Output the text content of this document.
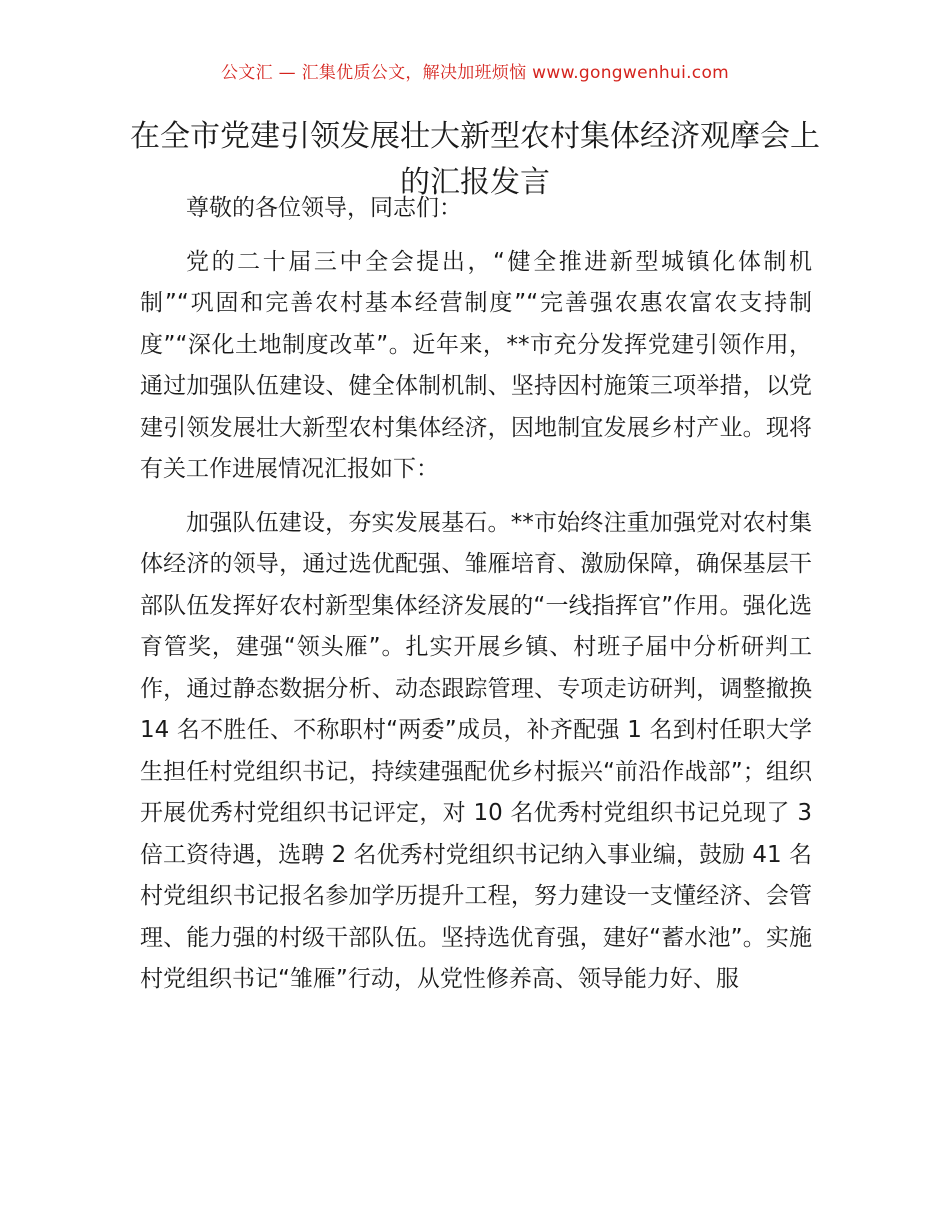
公文汇 — 汇集优质公文，解决加班烦恼 www.gongwenhui.com
在全市党建引领发展壮大新型农村集体经济观摩会上的汇报发言

尊敬的各位领导，同志们：

党的二十届三中全会提出，“健全推进新型城镇化体制机制”“巩固和完善农村基本经营制度”“完善强农惠农富农支持制度”“深化土地制度改革”。近年来，**市充分发挥党建引领作用，通过加强队伍建设、健全体制机制、坚持因村施策三项举措，以党建引领发展壮大新型农村集体经济，因地制宜发展乡村产业。现将有关工作进展情况汇报如下：

加强队伍建设，夯实发展基石。**市始终注重加强党对农村集体经济的领导，通过选优配强、雏雁培育、激励保障，确保基层干部队伍发挥好农村新型集体经济发展的“一线指挥官”作用。强化选育管奖，建强“领头雁”。扎实开展乡镇、村班子届中分析研判工作，通过静态数据分析、动态跟踪管理、专项走访研判，调整撤换 14 名不胜任、不称职村“两委”成员，补齐配强 1 名到村任职大学生担任村党组织书记，持续建强配优乡村振兴“前沿作战部”；组织开展优秀村党组织书记评定，对 10 名优秀村党组织书记兑现了 3 倍工资待遇，选聘 2 名优秀村党组织书记纳入事业编，鼓励 41 名村党组织书记报名参加学历提升工程，努力建设一支懂经济、会管理、能力强的村级干部队伍。坚持选优育强，建好“蓄水池”。实施村党组织书记“雏雁”行动，从党性修养高、领导能力好、服
